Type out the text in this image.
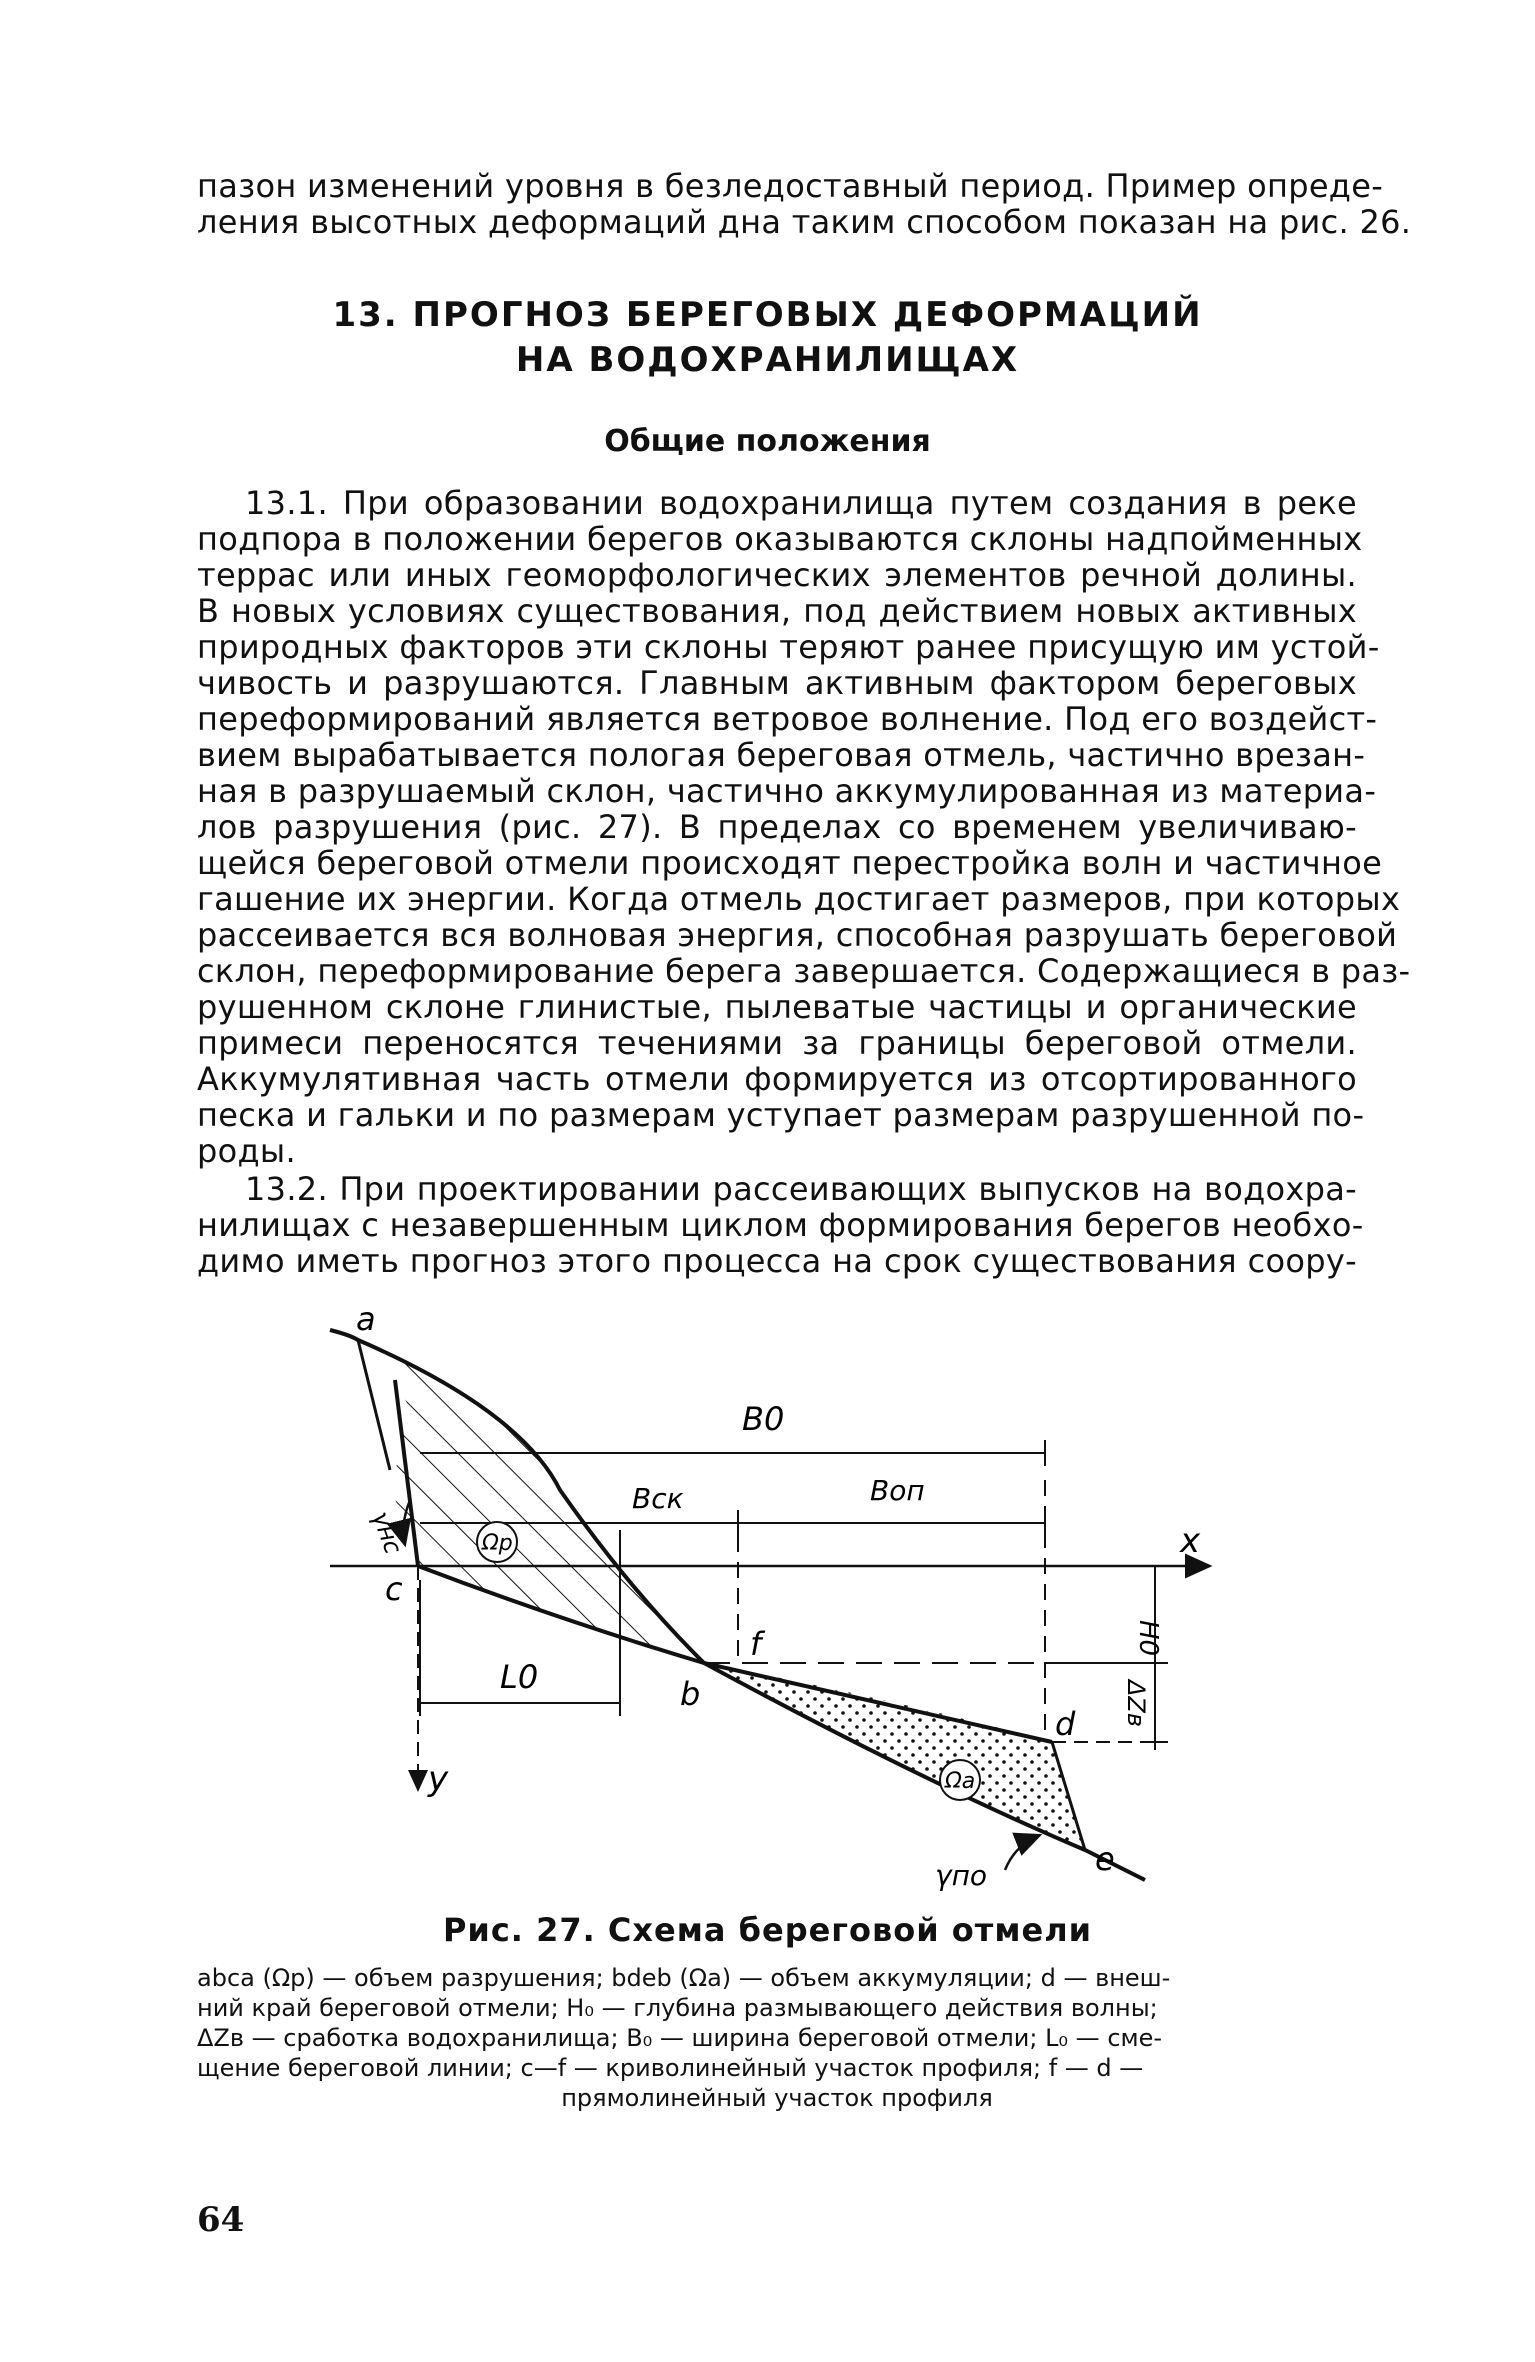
пазон изменений уровня в безледоставный период. Пример опреде-
ления высотных деформаций дна таким способом показан на рис. 26.
13. ПРОГНОЗ БЕРЕГОВЫХ ДЕФОРМАЦИЙ
НА ВОДОХРАНИЛИЩАХ
Общие положения
13.1. При образовании водохранилища путем создания в реке
подпора в положении берегов оказываются склоны надпойменных
террас или иных геоморфологических элементов речной долины.
В новых условиях существования, под действием новых активных
природных факторов эти склоны теряют ранее присущую им устой-
чивость и разрушаются. Главным активным фактором береговых
переформирований является ветровое волнение. Под его воздейст-
вием вырабатывается пологая береговая отмель, частично врезан-
ная в разрушаемый склон, частично аккумулированная из материа-
лов разрушения (рис. 27). В пределах со временем увеличиваю-
щейся береговой отмели происходят перестройка волн и частичное
гашение их энергии. Когда отмель достигает размеров, при которых
рассеивается вся волновая энергия, способная разрушать береговой
склон, переформирование берега завершается. Содержащиеся в раз-
рушенном склоне глинистые, пылеватые частицы и органические
примеси переносятся течениями за границы береговой отмели.
Аккумулятивная часть отмели формируется из отсортированного
песка и гальки и по размерам уступает размерам разрушенной по-
роды.
13.2. При проектировании рассеивающих выпусков на водохра-
нилищах с незавершенным циклом формирования берегов необхо-
димо иметь прогноз этого процесса на срок существования соору-
a
b
c
d
e
f
x
y
B0
Bск	Bоп
L0
H0
ΔZв
γнс
γпо
Ωр
Ωа
Рис. 27. Схема береговой отмели
abca (Ωр) — объем разрушения; bdeb (Ωа) — объем аккумуляции; d — внеш-
ний край береговой отмели; H₀ — глубина размывающего действия волны;
ΔZв — сработка водохранилища; B₀ — ширина береговой отмели; L₀ — сме-
щение береговой линии; c—f — криволинейный участок профиля; f — d —
прямолинейный участок профиля
64
